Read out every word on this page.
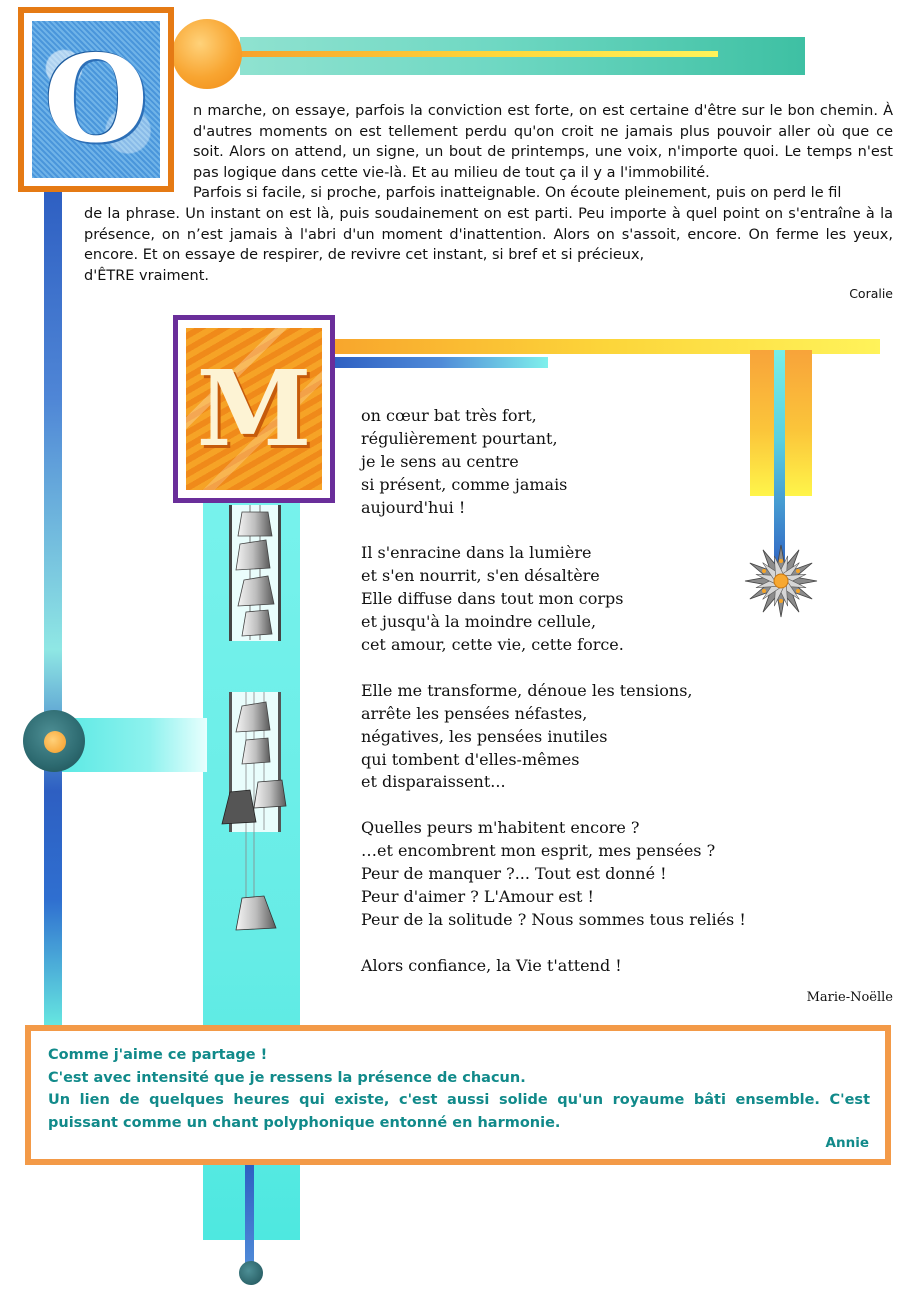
O	n marche, on essaye, parfois la conviction est forte, on est certaine d'être sur le bon chemin. À d'autres moments on est tellement perdu qu'on croit ne jamais plus pouvoir aller où que ce soit. Alors on attend, un signe, un bout de printemps, une voix, n'importe quoi. Le temps n'est pas logique dans cette vie-là. Et au milieu de tout ça il y a l'immobilité.
Parfois si facile, si proche, parfois inatteignable. On écoute pleinement, puis on perd le fil
de la phrase. Un instant on est là, puis soudainement on est parti. Peu importe à quel point on s'entraîne à la présence, on n’est jamais à l'abri d'un moment d'inattention. Alors on s'assoit, encore. On ferme les yeux, encore. Et on essaye de respirer, de revivre cet instant, si bref et si précieux,
d'ÊTRE vraiment.
Coralie
M	on cœur bat très fort,
régulièrement pourtant,
je le sens au centre
si présent, comme jamais
aujourd'hui !
Il s'enracine dans la lumière
et s'en nourrit, s'en désaltère
Elle diffuse dans tout mon corps
et jusqu'à la moindre cellule,
cet amour, cette vie, cette force.
Elle me transforme, dénoue les tensions,
arrête les pensées néfastes,
négatives, les pensées inutiles
qui tombent d'elles-mêmes
et disparaissent...
Quelles peurs m'habitent encore ?
…et encombrent mon esprit, mes pensées ?
Peur de manquer ?... Tout est donné !
Peur d'aimer ? L'Amour est !
Peur de la solitude ? Nous sommes tous reliés !
Alors confiance, la Vie t'attend !
Marie-Noëlle
Comme j'aime ce partage !
C'est avec intensité que je ressens la présence de chacun.
Un lien de quelques heures qui existe, c'est aussi solide qu'un royaume bâti ensemble. C'est puissant comme un chant polyphonique entonné en harmonie.
Annie
